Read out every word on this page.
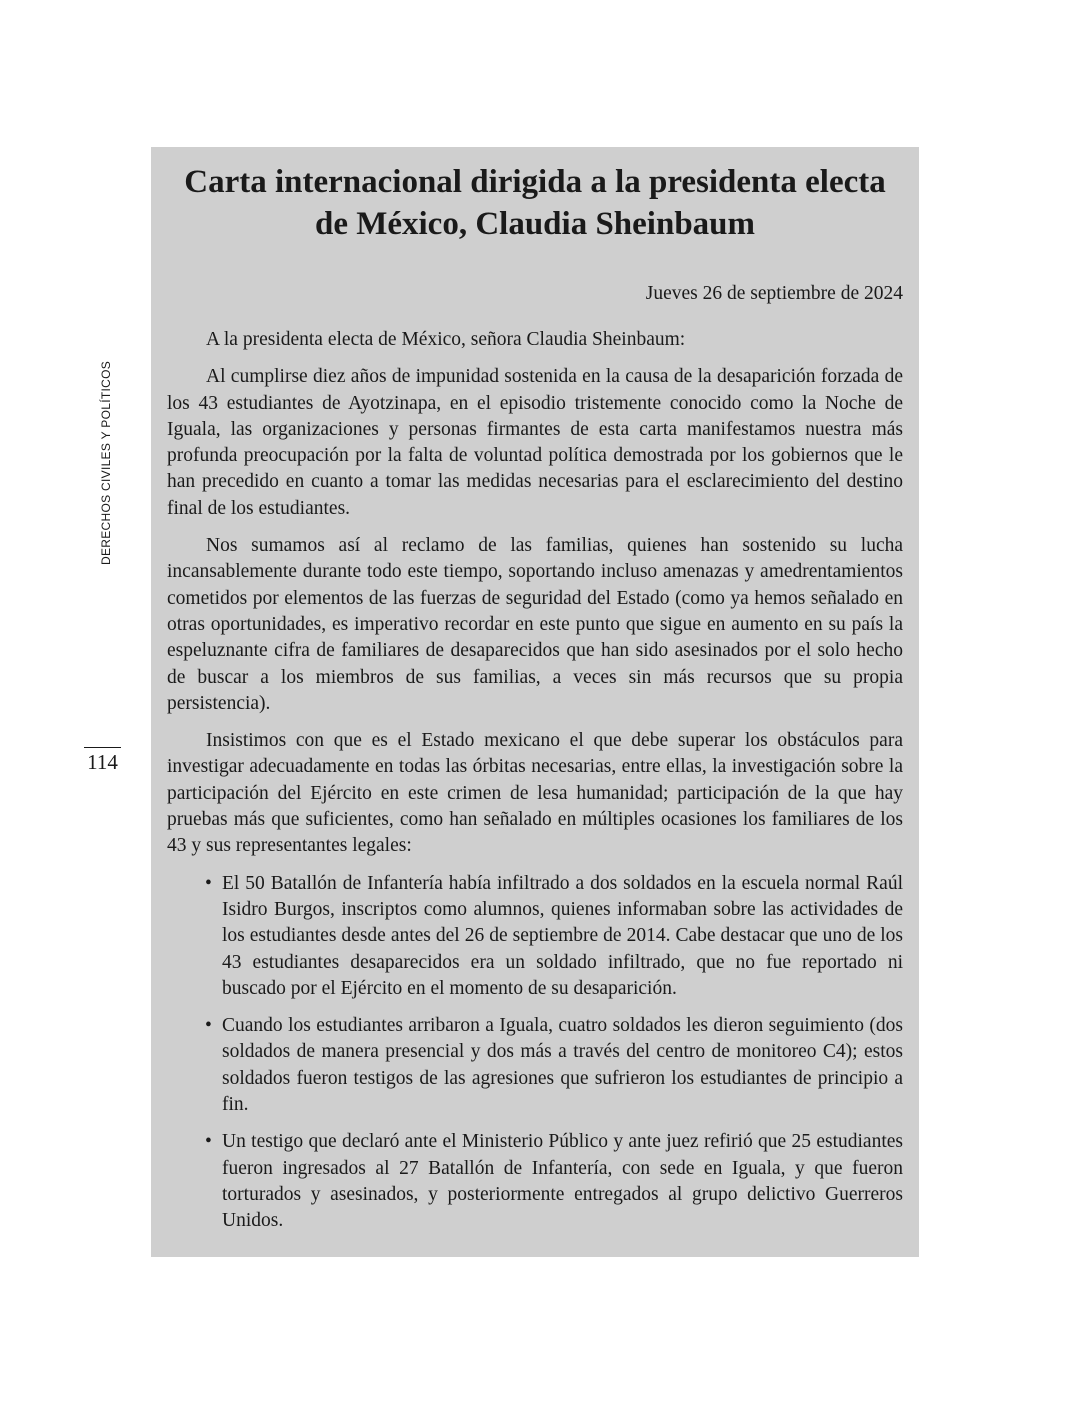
DERECHOS CIVILES Y POLÍTICOS
114
Carta internacional dirigida a la presidenta electa de México, Claudia Sheinbaum

Jueves 26 de septiembre de 2024

A la presidenta electa de México, señora Claudia Sheinbaum:

Al cumplirse diez años de impunidad sostenida en la causa de la desaparición forzada de los 43 estudiantes de Ayotzinapa, en el episodio tristemente conocido como la Noche de Iguala, las organizaciones y personas firmantes de esta carta manifestamos nuestra más profunda preocupación por la falta de voluntad política demostrada por los gobiernos que le han precedido en cuanto a tomar las medidas necesarias para el esclarecimiento del destino final de los estudiantes.

Nos sumamos así al reclamo de las familias, quienes han sostenido su lucha incansablemente durante todo este tiempo, soportando incluso amenazas y amedrentamientos cometidos por elementos de las fuerzas de seguridad del Estado (como ya hemos señalado en otras oportunidades, es imperativo recordar en este punto que sigue en aumento en su país la espeluznante cifra de familiares de desaparecidos que han sido asesinados por el solo hecho de buscar a los miembros de sus familias, a veces sin más recursos que su propia persistencia).

Insistimos con que es el Estado mexicano el que debe superar los obstáculos para investigar adecuadamente en todas las órbitas necesarias, entre ellas, la investigación sobre la participación del Ejército en este crimen de lesa humanidad; participación de la que hay pruebas más que suficientes, como han señalado en múltiples ocasiones los familiares de los 43 y sus representantes legales:

• El 50 Batallón de Infantería había infiltrado a dos soldados en la escuela normal Raúl Isidro Burgos, inscriptos como alumnos, quienes informaban sobre las actividades de los estudiantes desde antes del 26 de septiembre de 2014. Cabe destacar que uno de los 43 estudiantes desaparecidos era un soldado infiltrado, que no fue reportado ni buscado por el Ejército en el momento de su desaparición.
• Cuando los estudiantes arribaron a Iguala, cuatro soldados les dieron seguimiento (dos soldados de manera presencial y dos más a través del centro de monitoreo C4); estos soldados fueron testigos de las agresiones que sufrieron los estudiantes de principio a fin.
• Un testigo que declaró ante el Ministerio Público y ante juez refirió que 25 estudiantes fueron ingresados al 27 Batallón de Infantería, con sede en Iguala, y que fueron torturados y asesinados, y posteriormente entregados al grupo delictivo Guerreros Unidos.
